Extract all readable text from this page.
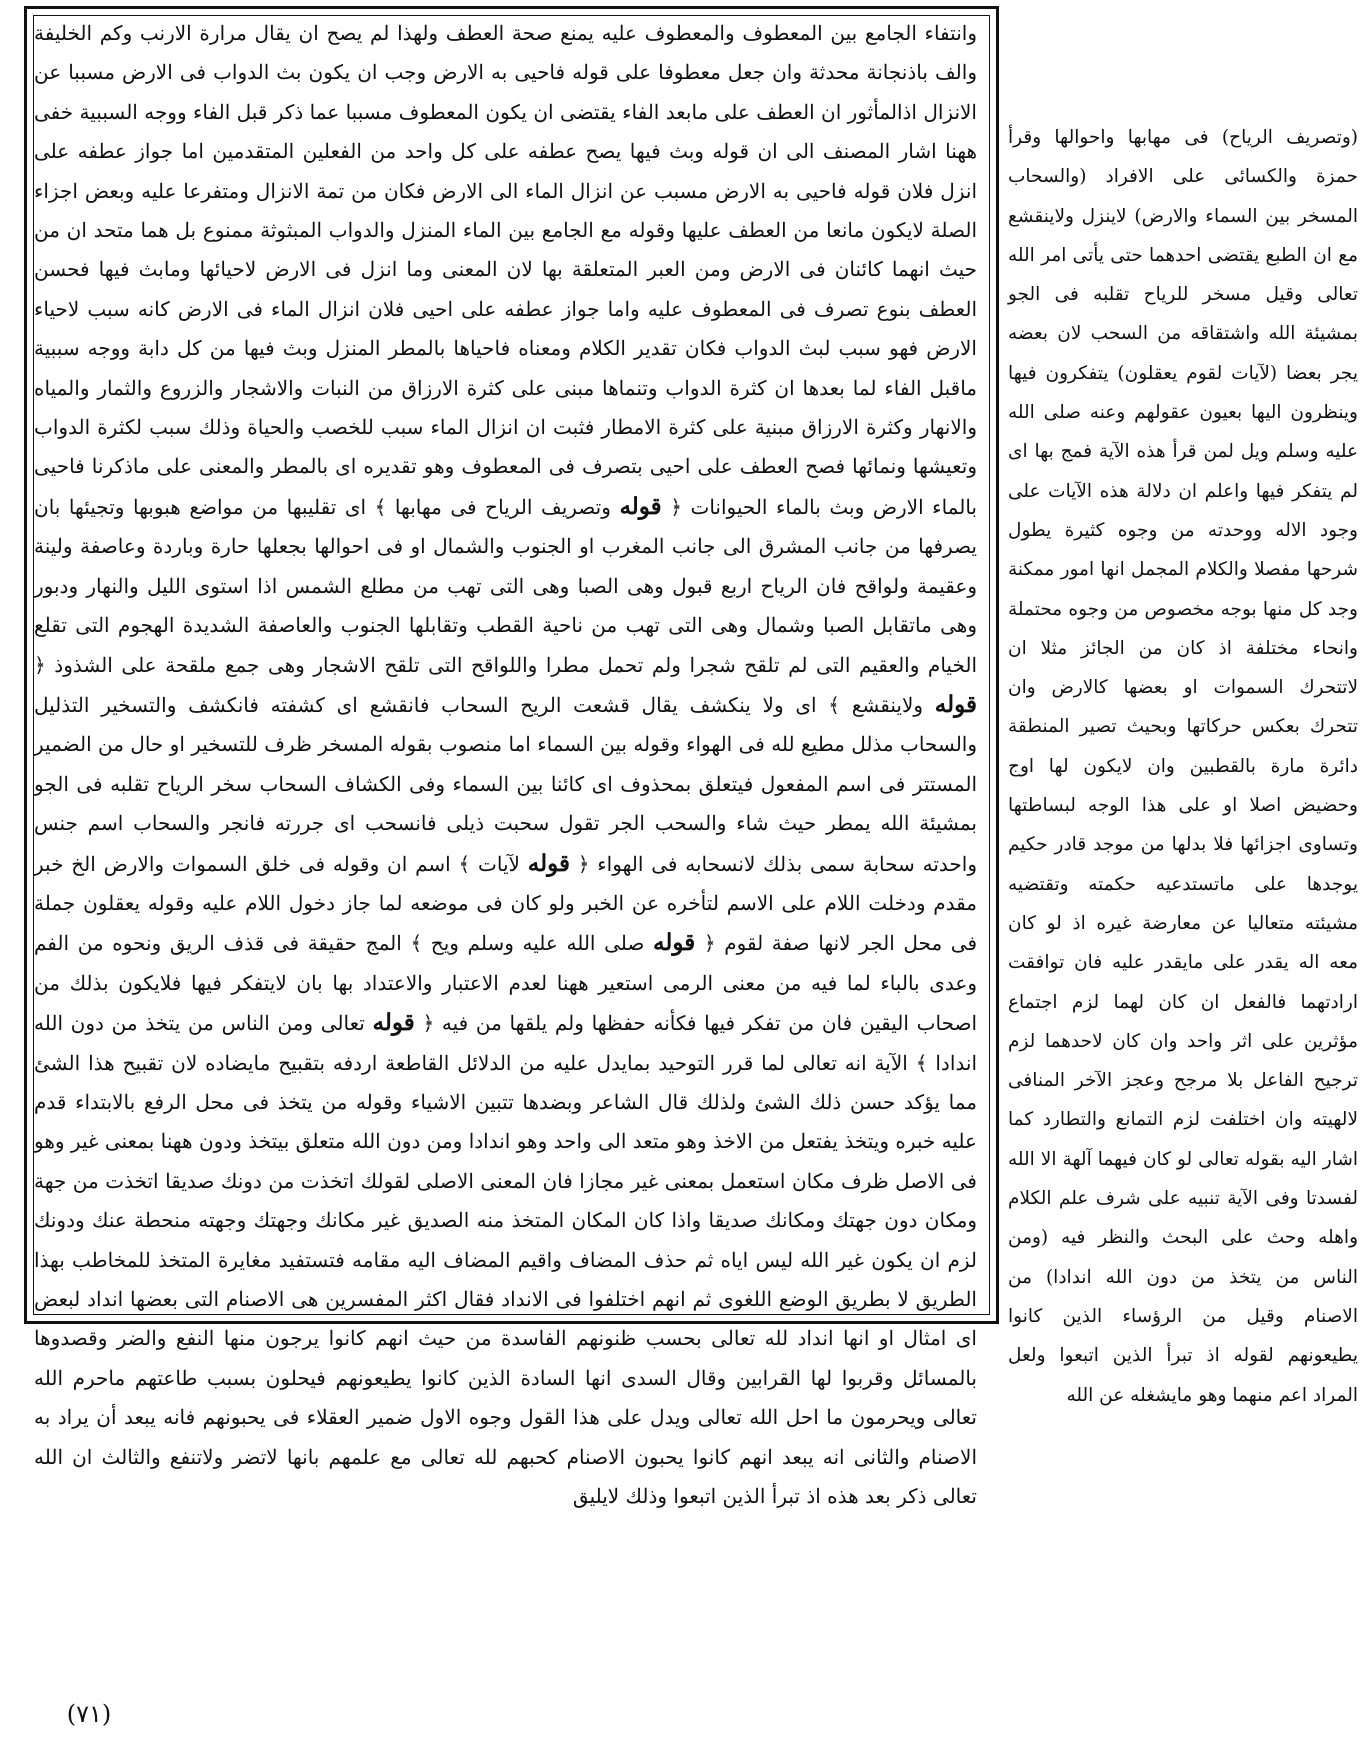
وانتفاء الجامع بين المعطوف والمعطوف عليه يمنع صحة العطف ولهذا لم يصح ان يقال مرارة الارنب وكم الخليفة والف باذنجانة محدثة وان جعل معطوفا على قوله فاحيى به الارض وجب ان يكون بث الدواب فى الارض مسببا عن الانزال اذالمأثور ان العطف على مابعد الفاء يقتضى ان يكون المعطوف مسببا عما ذكر قبل الفاء ووجه السببية خفى ههنا اشار المصنف الى ان قوله وبث فيها يصح عطفه على كل واحد من الفعلين المتقدمين اما جواز عطفه على انزل فلان قوله فاحيى به الارض مسبب عن انزال الماء الى الارض فكان من تمة الانزال ومتفرعا عليه وبعض اجزاء الصلة لايكون مانعا من العطف عليها وقوله مع الجامع بين الماء المنزل والدواب المبثوثة ممنوع بل هما متحد ان من حيث انهما كائنان فى الارض ومن العبر المتعلقة بها لان المعنى وما انزل فى الارض لاحيائها ومابث فيها فحسن العطف بنوع تصرف فى المعطوف عليه واما جواز عطفه على احيى فلان انزال الماء فى الارض كانه سبب لاحياء الارض فهو سبب لبث الدواب فكان تقدير الكلام ومعناه فاحياها بالمطر المنزل وبث فيها من كل دابة ووجه سببية ماقبل الفاء لما بعدها ان كثرة الدواب وتنماها مبنى على كثرة الارزاق من النبات والاشجار والزروع والثمار والمياه والانهار وكثرة الارزاق مبنية على كثرة الامطار فثبت ان انزال الماء سبب للخصب والحياة وذلك سبب لكثرة الدواب وتعيشها ونمائها فصح العطف على احيى بتصرف فى المعطوف وهو تقديره اى بالمطر والمعنى على ماذكرنا فاحيى بالماء الارض وبث بالماء الحيوانات ﴿ قوله وتصريف الرياح فى مهابها ﴾ اى تقليبها من مواضع هبوبها وتجيئها بان يصرفها من جانب المشرق الى جانب المغرب او الجنوب والشمال او فى احوالها بجعلها حارة وباردة وعاصفة ولينة وعقيمة ولواقح فان الرياح اربع قبول وهى الصبا وهى التى تهب من مطلع الشمس اذا استوى الليل والنهار ودبور وهى ماتقابل الصبا وشمال وهى التى تهب من ناحية القطب وتقابلها الجنوب والعاصفة الشديدة الهجوم التى تقلع الخيام والعقيم التى لم تلقح شجرا ولم تحمل مطرا واللواقح التى تلقح الاشجار وهى جمع ملقحة على الشذوذ ﴿ قوله ولاينقشع ﴾ اى ولا ينكشف يقال قشعت الريح السحاب فانقشع اى كشفته فانكشف والتسخير التذليل والسحاب مذلل مطيع لله فى الهواء وقوله بين السماء اما منصوب بقوله المسخر ظرف للتسخير او حال من الضمير المستتر فى اسم المفعول فيتعلق بمحذوف اى كائنا بين السماء وفى الكشاف السحاب سخر الرياح تقلبه فى الجو بمشيئة الله يمطر حيث شاء والسحب الجر تقول سحبت ذيلى فانسحب اى جررته فانجر والسحاب اسم جنس واحدته سحابة سمى بذلك لانسحابه فى الهواء ﴿ قوله لآيات ﴾ اسم ان وقوله فى خلق السموات والارض الخ خبر مقدم ودخلت اللام على الاسم لتأخره عن الخبر ولو كان فى موضعه لما جاز دخول اللام عليه وقوله يعقلون جملة فى محل الجر لانها صفة لقوم ﴿ قوله صلى الله عليه وسلم ويح ﴾ المج حقيقة فى قذف الريق ونحوه من الفم وعدى بالباء لما فيه من معنى الرمى استعير ههنا لعدم الاعتبار والاعتداد بها بان لايتفكر فيها فلايكون بذلك من اصحاب اليقين فان من تفكر فيها فكأنه حفظها ولم يلقها من فيه ﴿ قوله تعالى ومن الناس من يتخذ من دون الله اندادا ﴾ الآية انه تعالى لما قرر التوحيد بمايدل عليه من الدلائل القاطعة اردفه بتقبيح مايضاده لان تقبيح هذا الشئ مما يؤكد حسن ذلك الشئ ولذلك قال الشاعر وبضدها تتبين الاشياء وقوله من يتخذ فى محل الرفع بالابتداء قدم عليه خبره ويتخذ يفتعل من الاخذ وهو متعد الى واحد وهو اندادا ومن دون الله متعلق بيتخذ ودون ههنا بمعنى غير وهو فى الاصل ظرف مكان استعمل بمعنى غير مجازا فان المعنى الاصلى لقولك اتخذت من دونك صديقا اتخذت من جهة ومكان دون جهتك ومكانك صديقا واذا كان المكان المتخذ منه الصديق غير مكانك وجهتك وجهته منحطة عنك ودونك لزم ان يكون غير الله ليس اياه ثم حذف المضاف واقيم المضاف اليه مقامه فتستفيد مغايرة المتخذ للمخاطب بهذا الطريق لا بطريق الوضع اللغوى ثم انهم اختلفوا فى الانداد فقال اكثر المفسرين هى الاصنام التى بعضها انداد لبعض اى امثال او انها انداد لله تعالى بحسب ظنونهم الفاسدة من حيث انهم كانوا يرجون منها النفع والضر وقصدوها بالمسائل وقربوا لها القرابين وقال السدى انها السادة الذين كانوا يطيعونهم فيحلون بسبب طاعتهم ماحرم الله تعالى ويحرمون ما احل الله تعالى ويدل على هذا القول وجوه الاول ضمير العقلاء فى يحبونهم فانه يبعد أن يراد به الاصنام والثانى انه يبعد انهم كانوا يحبون الاصنام كحبهم لله تعالى مع علمهم بانها لاتضر ولاتنفع والثالث ان الله تعالى ذكر بعد هذه اذ تبرأ الذين اتبعوا وذلك لايليق

(وتصريف الرياح) فى مهابها واحوالها وقرأ حمزة والكسائى على الافراد (والسحاب المسخر بين السماء والارض) لاينزل ولاينقشع مع ان الطبع يقتضى احدهما حتى يأتى امر الله تعالى وقيل مسخر للرياح تقلبه فى الجو بمشيئة الله واشتقاقه من السحب لان بعضه يجر بعضا (لآيات لقوم يعقلون) يتفكرون فيها وينظرون اليها بعيون عقولهم وعنه صلى الله عليه وسلم ويل لمن قرأ هذه الآية فمج بها اى لم يتفكر فيها واعلم ان دلالة هذه الآيات على وجود الاله ووحدته من وجوه كثيرة يطول شرحها مفصلا والكلام المجمل انها امور ممكنة وجد كل منها بوجه مخصوص من وجوه محتملة وانحاء مختلفة اذ كان من الجائز مثلا ان لاتتحرك السموات او بعضها كالارض وان تتحرك بعكس حركاتها وبحيث تصير المنطقة دائرة مارة بالقطبين وان لايكون لها اوج وحضيض اصلا او على هذا الوجه لبساطتها وتساوى اجزائها فلا بدلها من موجد قادر حكيم يوجدها على ماتستدعيه حكمته وتقتضيه مشيئته متعاليا عن معارضة غيره اذ لو كان معه اله يقدر على مايقدر عليه فان توافقت ارادتهما فالفعل ان كان لهما لزم اجتماع مؤثرين على اثر واحد وان كان لاحدهما لزم ترجيح الفاعل بلا مرجح وعجز الآخر المنافى لالهيته وان اختلفت لزم التمانع والتطارد كما اشار اليه بقوله تعالى لو كان فيهما آلهة الا الله لفسدتا وفى الآية تنبيه على شرف علم الكلام واهله وحث على البحث والنظر فيه (ومن الناس من يتخذ من دون الله اندادا) من الاصنام وقيل من الرؤساء الذين كانوا يطيعونهم لقوله اذ تبرأ الذين اتبعوا ولعل المراد اعم منهما وهو مايشغله عن الله

(٧١)
